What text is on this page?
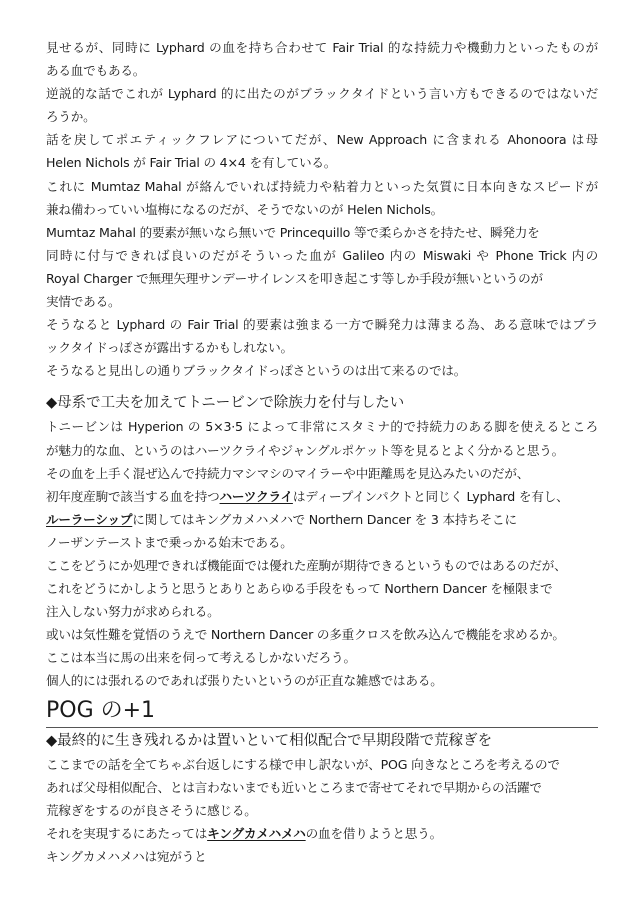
見せるが、同時に Lyphard の血を持ち合わせて Fair Trial 的な持続力や機動力といったものが
ある血でもある。
逆説的な話でこれが Lyphard 的に出たのがブラックタイドという言い方もできるのではないだ
ろうか。
話を戻してポエティックフレアについてだが、New Approach に含まれる Ahonoora は母
Helen Nichols が Fair Trial の 4×4 を有している。
これに Mumtaz Mahal が絡んでいれば持続力や粘着力といった気質に日本向きなスピードが
兼ね備わっていい塩梅になるのだが、そうでないのが Helen Nichols。
Mumtaz Mahal 的要素が無いなら無いで Princequillo 等で柔らかさを持たせ、瞬発力を
同時に付与できれば良いのだがそういった血が Galileo 内の Miswaki や Phone Trick 内の
Royal Charger で無理矢理サンデーサイレンスを叩き起こす等しか手段が無いというのが
実情である。
そうなると Lyphard の Fair Trial 的要素は強まる一方で瞬発力は薄まる為、ある意味ではブラ
ックタイドっぽさが露出するかもしれない。
そうなると見出しの通りブラックタイドっぽさというのは出て来るのでは。
◆母系で工夫を加えてトニービンで除族力を付与したい
トニービンは Hyperion の 5×3·5 によって非常にスタミナ的で持続力のある脚を使えるところ
が魅力的な血、というのはハーツクライやジャングルポケット等を見るとよく分かると思う。
その血を上手く混ぜ込んで持続力マシマシのマイラーや中距離馬を見込みたいのだが、
初年度産駒で該当する血を持つハーツクライはディープインパクトと同じく Lyphard を有し、
ルーラーシップに関してはキングカメハメハで Northern Dancer を 3 本持ちそこに
ノーザンテーストまで乗っかる始末である。
ここをどうにか処理できれば機能面では優れた産駒が期待できるというものではあるのだが、
これをどうにかしようと思うとありとあらゆる手段をもって Northern Dancer を極限まで
注入しない努力が求められる。
或いは気性難を覚悟のうえで Northern Dancer の多重クロスを飲み込んで機能を求めるか。
ここは本当に馬の出来を伺って考えるしかないだろう。
個人的には張れるのであれば張りたいというのが正直な雑感ではある。
POG の+1
◆最終的に生き残れるかは置いといて相似配合で早期段階で荒稼ぎを
ここまでの話を全てちゃぶ台返しにする様で申し訳ないが、POG 向きなところを考えるので
あれば父母相似配合、とは言わないまでも近いところまで寄せてそれで早期からの活躍で
荒稼ぎをするのが良さそうに感じる。
それを実現するにあたってはキングカメハメハの血を借りようと思う。
キングカメハメハは宛がうと
